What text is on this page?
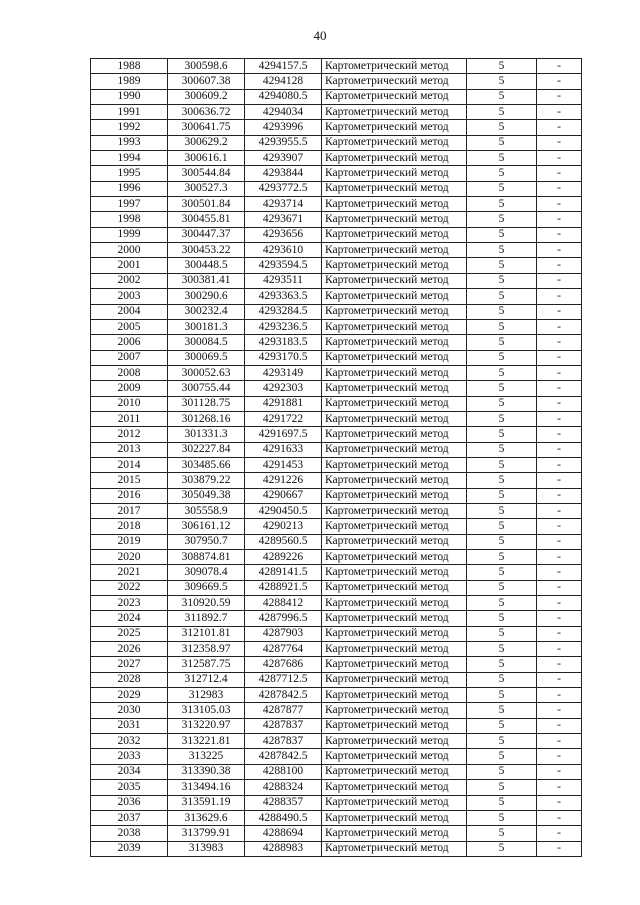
40
1988	300598.6	4294157.5	Картометрический метод	5	-
1989	300607.38	4294128	Картометрический метод	5	-
1990	300609.2	4294080.5	Картометрический метод	5	-
1991	300636.72	4294034	Картометрический метод	5	-
1992	300641.75	4293996	Картометрический метод	5	-
1993	300629.2	4293955.5	Картометрический метод	5	-
1994	300616.1	4293907	Картометрический метод	5	-
1995	300544.84	4293844	Картометрический метод	5	-
1996	300527.3	4293772.5	Картометрический метод	5	-
1997	300501.84	4293714	Картометрический метод	5	-
1998	300455.81	4293671	Картометрический метод	5	-
1999	300447.37	4293656	Картометрический метод	5	-
2000	300453.22	4293610	Картометрический метод	5	-
2001	300448.5	4293594.5	Картометрический метод	5	-
2002	300381.41	4293511	Картометрический метод	5	-
2003	300290.6	4293363.5	Картометрический метод	5	-
2004	300232.4	4293284.5	Картометрический метод	5	-
2005	300181.3	4293236.5	Картометрический метод	5	-
2006	300084.5	4293183.5	Картометрический метод	5	-
2007	300069.5	4293170.5	Картометрический метод	5	-
2008	300052.63	4293149	Картометрический метод	5	-
2009	300755.44	4292303	Картометрический метод	5	-
2010	301128.75	4291881	Картометрический метод	5	-
2011	301268.16	4291722	Картометрический метод	5	-
2012	301331.3	4291697.5	Картометрический метод	5	-
2013	302227.84	4291633	Картометрический метод	5	-
2014	303485.66	4291453	Картометрический метод	5	-
2015	303879.22	4291226	Картометрический метод	5	-
2016	305049.38	4290667	Картометрический метод	5	-
2017	305558.9	4290450.5	Картометрический метод	5	-
2018	306161.12	4290213	Картометрический метод	5	-
2019	307950.7	4289560.5	Картометрический метод	5	-
2020	308874.81	4289226	Картометрический метод	5	-
2021	309078.4	4289141.5	Картометрический метод	5	-
2022	309669.5	4288921.5	Картометрический метод	5	-
2023	310920.59	4288412	Картометрический метод	5	-
2024	311892.7	4287996.5	Картометрический метод	5	-
2025	312101.81	4287903	Картометрический метод	5	-
2026	312358.97	4287764	Картометрический метод	5	-
2027	312587.75	4287686	Картометрический метод	5	-
2028	312712.4	4287712.5	Картометрический метод	5	-
2029	312983	4287842.5	Картометрический метод	5	-
2030	313105.03	4287877	Картометрический метод	5	-
2031	313220.97	4287837	Картометрический метод	5	-
2032	313221.81	4287837	Картометрический метод	5	-
2033	313225	4287842.5	Картометрический метод	5	-
2034	313390.38	4288100	Картометрический метод	5	-
2035	313494.16	4288324	Картометрический метод	5	-
2036	313591.19	4288357	Картометрический метод	5	-
2037	313629.6	4288490.5	Картометрический метод	5	-
2038	313799.91	4288694	Картометрический метод	5	-
2039	313983	4288983	Картометрический метод	5	-
